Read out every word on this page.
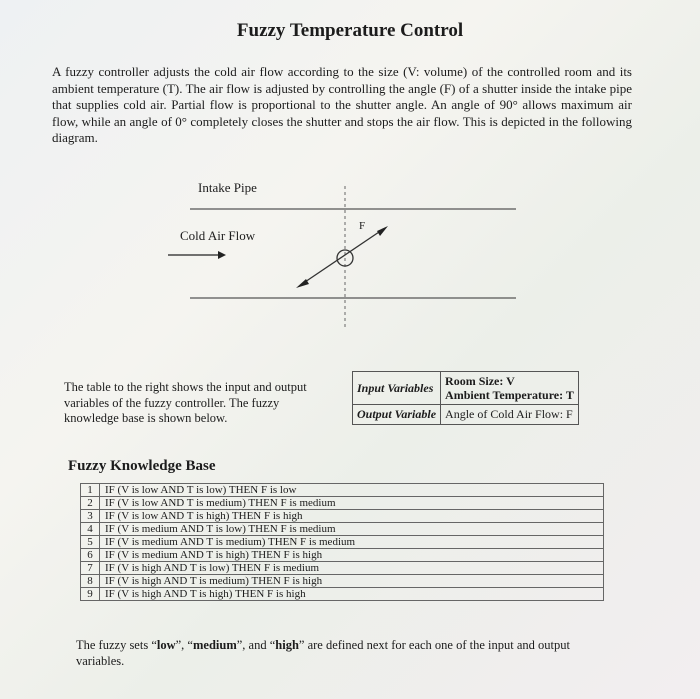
Fuzzy Temperature Control
A fuzzy controller adjusts the cold air flow according to the size (V: volume) of the controlled room and its ambient temperature (T). The air flow is adjusted by controlling the angle (F) of a shutter inside the intake pipe that supplies cold air. Partial flow is proportional to the shutter angle. An angle of 90° allows maximum air flow, while an angle of 0° completely closes the shutter and stops the air flow. This is depicted in the following diagram.
Intake Pipe
Cold Air Flow
F
The table to the right shows the input and output variables of the fuzzy controller. The fuzzy knowledge base is shown below.
Input Variables	Room Size: V
Ambient Temperature: T

Output Variable	Angle of Cold Air Flow: F
Fuzzy Knowledge Base
1	IF (V is low AND T is low) THEN F is low
2	IF (V is low AND T is medium) THEN F is medium
3	IF (V is low AND T is high) THEN F is high
4	IF (V is medium AND T is low) THEN F is medium
5	IF (V is medium AND T is medium) THEN F is medium
6	IF (V is medium AND T is high) THEN F is high
7	IF (V is high AND T is low) THEN F is medium
8	IF (V is high AND T is medium) THEN F is high
9	IF (V is high AND T is high) THEN F is high
The fuzzy sets “low”, “medium”, and “high” are defined next for each one of the input and output variables.
